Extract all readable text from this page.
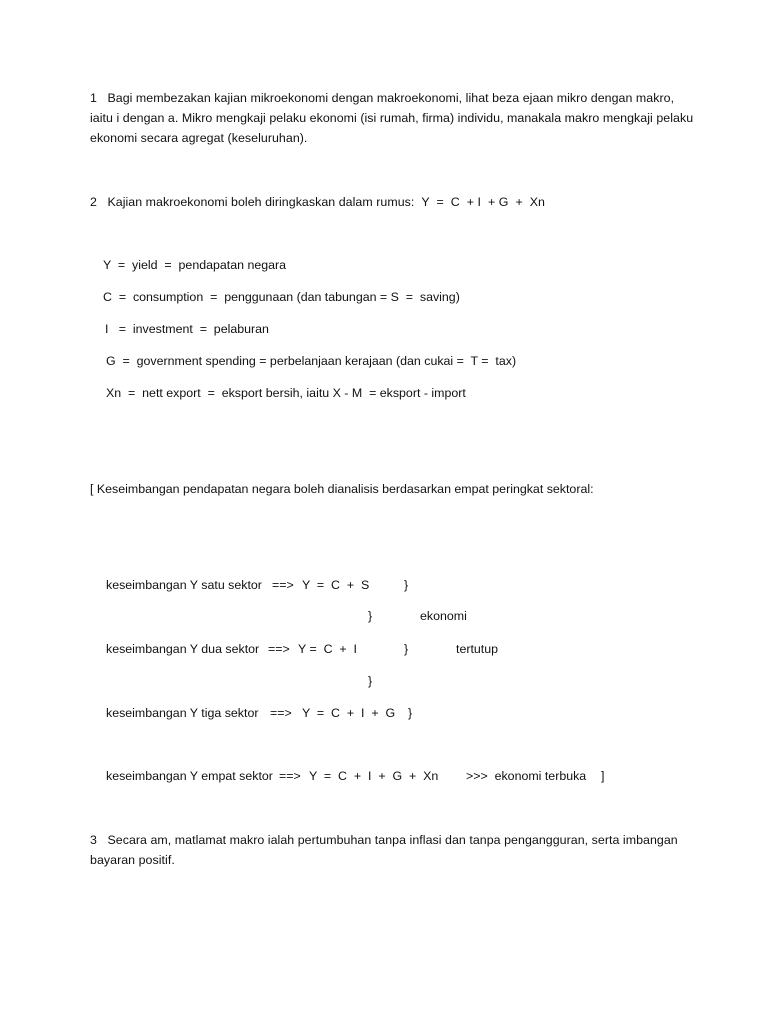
1 Bagi membezakan kajian mikroekonomi dengan makroekonomi, lihat beza ejaan mikro dengan makro, iaitu i dengan a. Mikro mengkaji pelaku ekonomi (isi rumah, firma) individu, manakala makro mengkaji pelaku ekonomi secara agregat (keseluruhan).

2 Kajian makroekonomi boleh diringkaskan dalam rumus: Y  =  C  + I  + G  +  Xn

Y  =  yield  =  pendapatan negara
C  =  consumption  =  penggunaan (dan tabungan = S  =  saving)
I   =  investment  =  pelaburan
G  =  government spending = perbelanjaan kerajaan (dan cukai =  T =  tax)
Xn  =  nett export  =  eksport bersih, iaitu X - M  = eksport - import
[ Keseimbangan pendapatan negara boleh dianalisis berdasarkan empat peringkat sektoral:
keseimbangan Y satu sektor ==> Y  =  C  +  S	}
}	ekonomi
keseimbangan Y dua sektor ==> Y =  C  +  I	}	tertutup
}
keseimbangan Y tiga sektor ==> Y  =  C  +  I  +  G }
keseimbangan Y empat sektor ==> Y  =  C  +  I  +  G  +  Xn >>>  ekonomi terbuka ]

3 Secara am, matlamat makro ialah pertumbuhan tanpa inflasi dan tanpa pengangguran, serta imbangan bayaran positif.
